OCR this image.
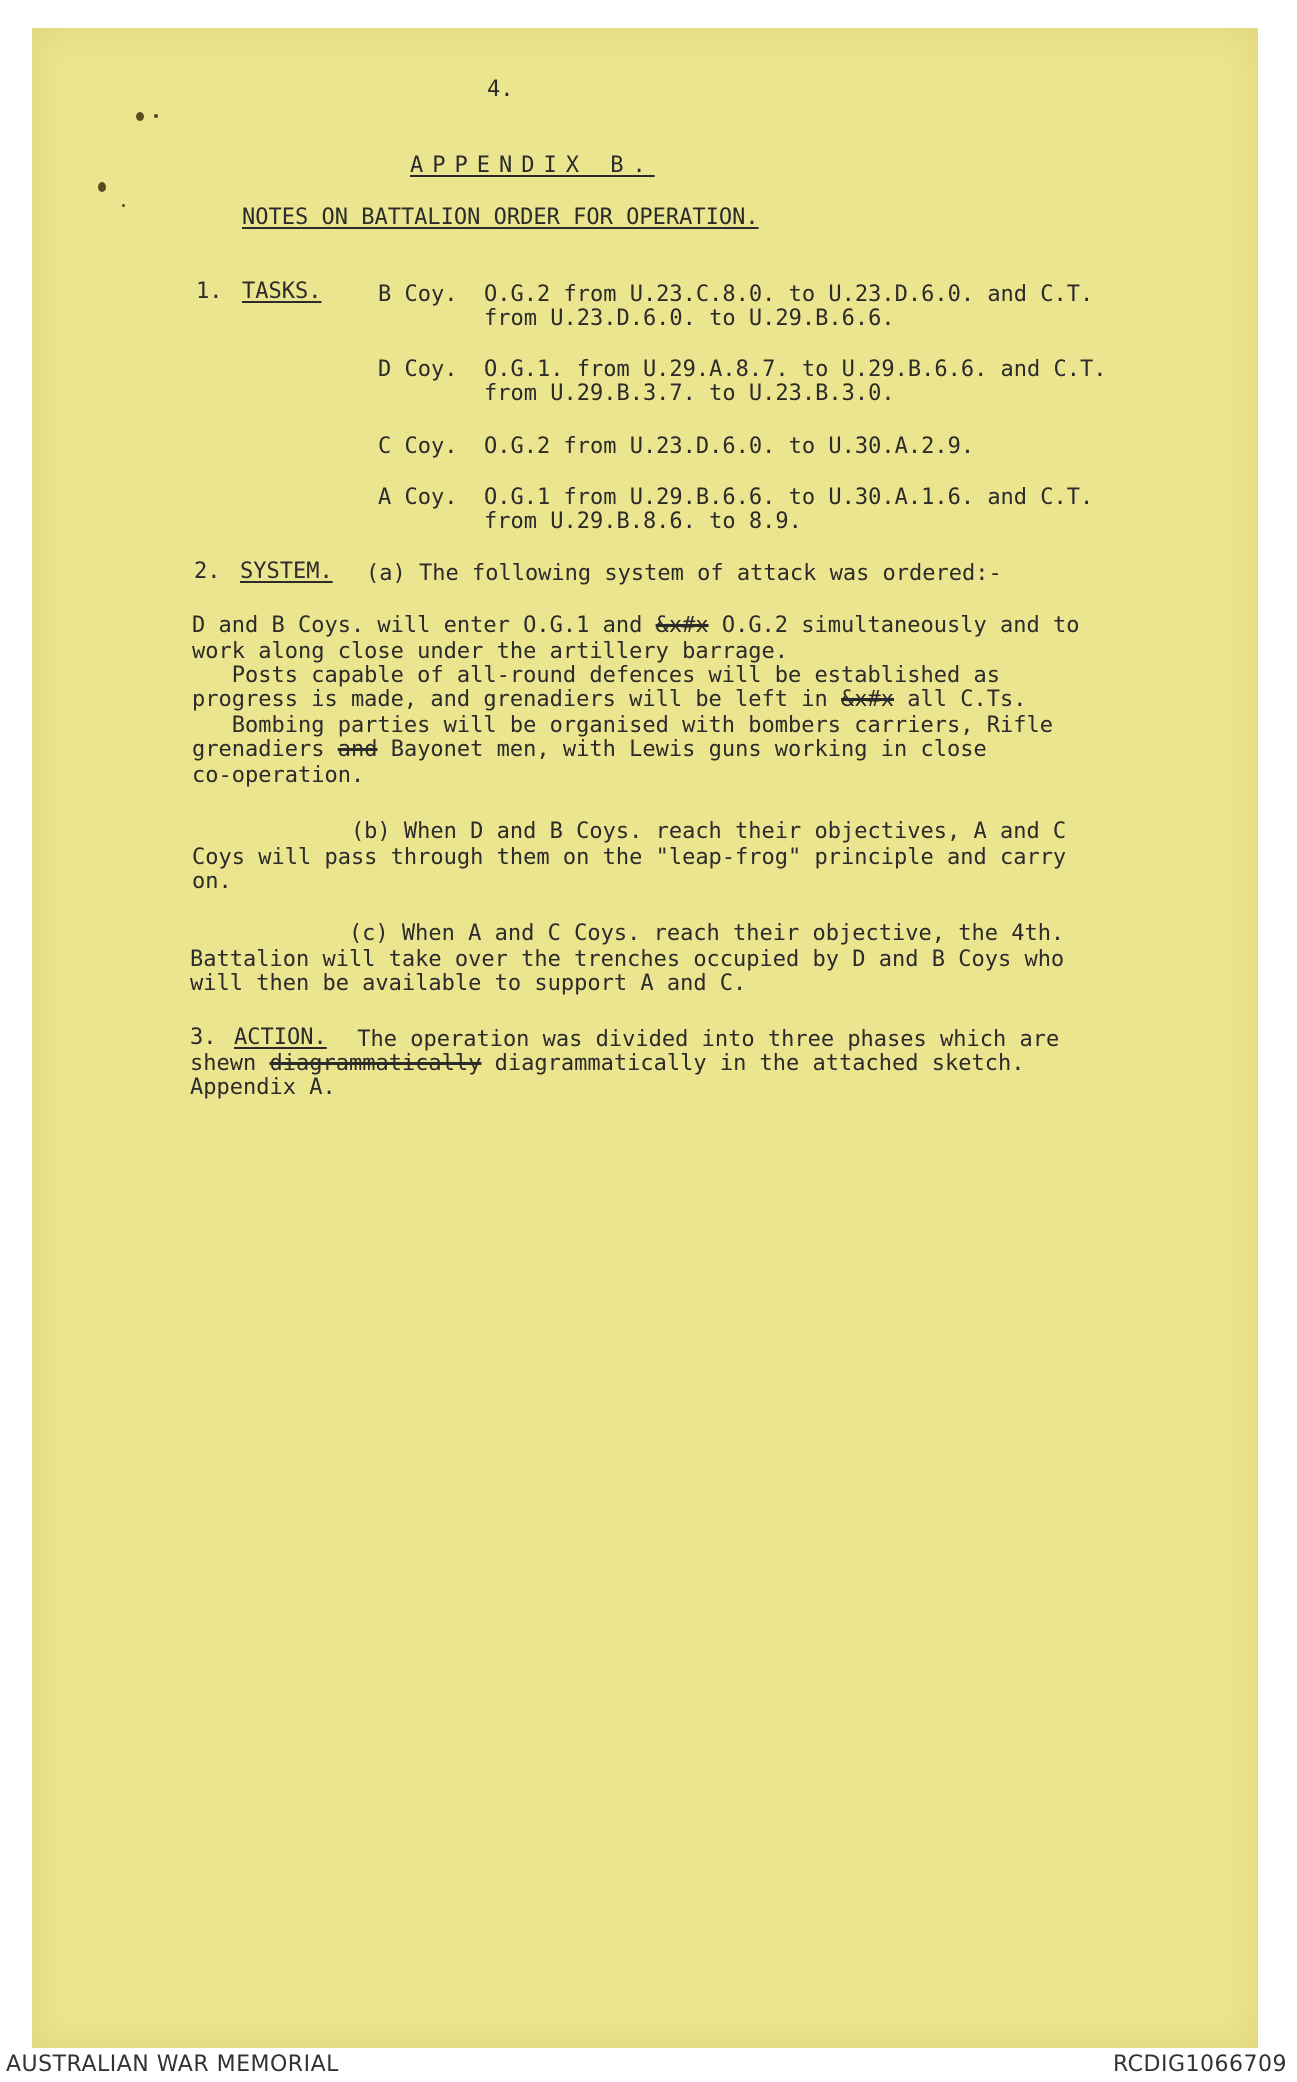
4.
APPENDIX B.
NOTES ON BATTALION ORDER FOR OPERATION.
1. TASKS.	B Coy. O.G.2 from U.23.C.8.0. to U.23.D.6.0. and C.T.
from U.23.D.6.0. to U.29.B.6.6.
D Coy. O.G.1. from U.29.A.8.7. to U.29.B.6.6. and C.T.
from U.29.B.3.7. to U.23.B.3.0.
C Coy. O.G.2 from U.23.D.6.0. to U.30.A.2.9.
A Coy. O.G.1 from U.29.B.6.6. to U.30.A.1.6. and C.T.
from U.29.B.8.6. to 8.9.
2. SYSTEM. (a) The following system of attack was ordered:-
D and B Coys. will enter O.G.1 and &x#x O.G.2 simultaneously and to
work along close under the artillery barrage.
Posts capable of all-round defences will be established as
progress is made, and grenadiers will be left in &x#x all C.Ts.
Bombing parties will be organised with bombers carriers, Rifle
grenadiers and Bayonet men, with Lewis guns working in close
co-operation.
(b) When D and B Coys. reach their objectives, A and C
Coys will pass through them on the "leap-frog" principle and carry
on.
(c) When A and C Coys. reach their objective, the 4th.
Battalion will take over the trenches occupied by D and B Coys who
will then be available to support A and C.
3. ACTION. The operation was divided into three phases which are
shewn diagrammatically diagrammatically in the attached sketch.
Appendix A.
AUSTRALIAN WAR MEMORIAL	RCDIG1066709
